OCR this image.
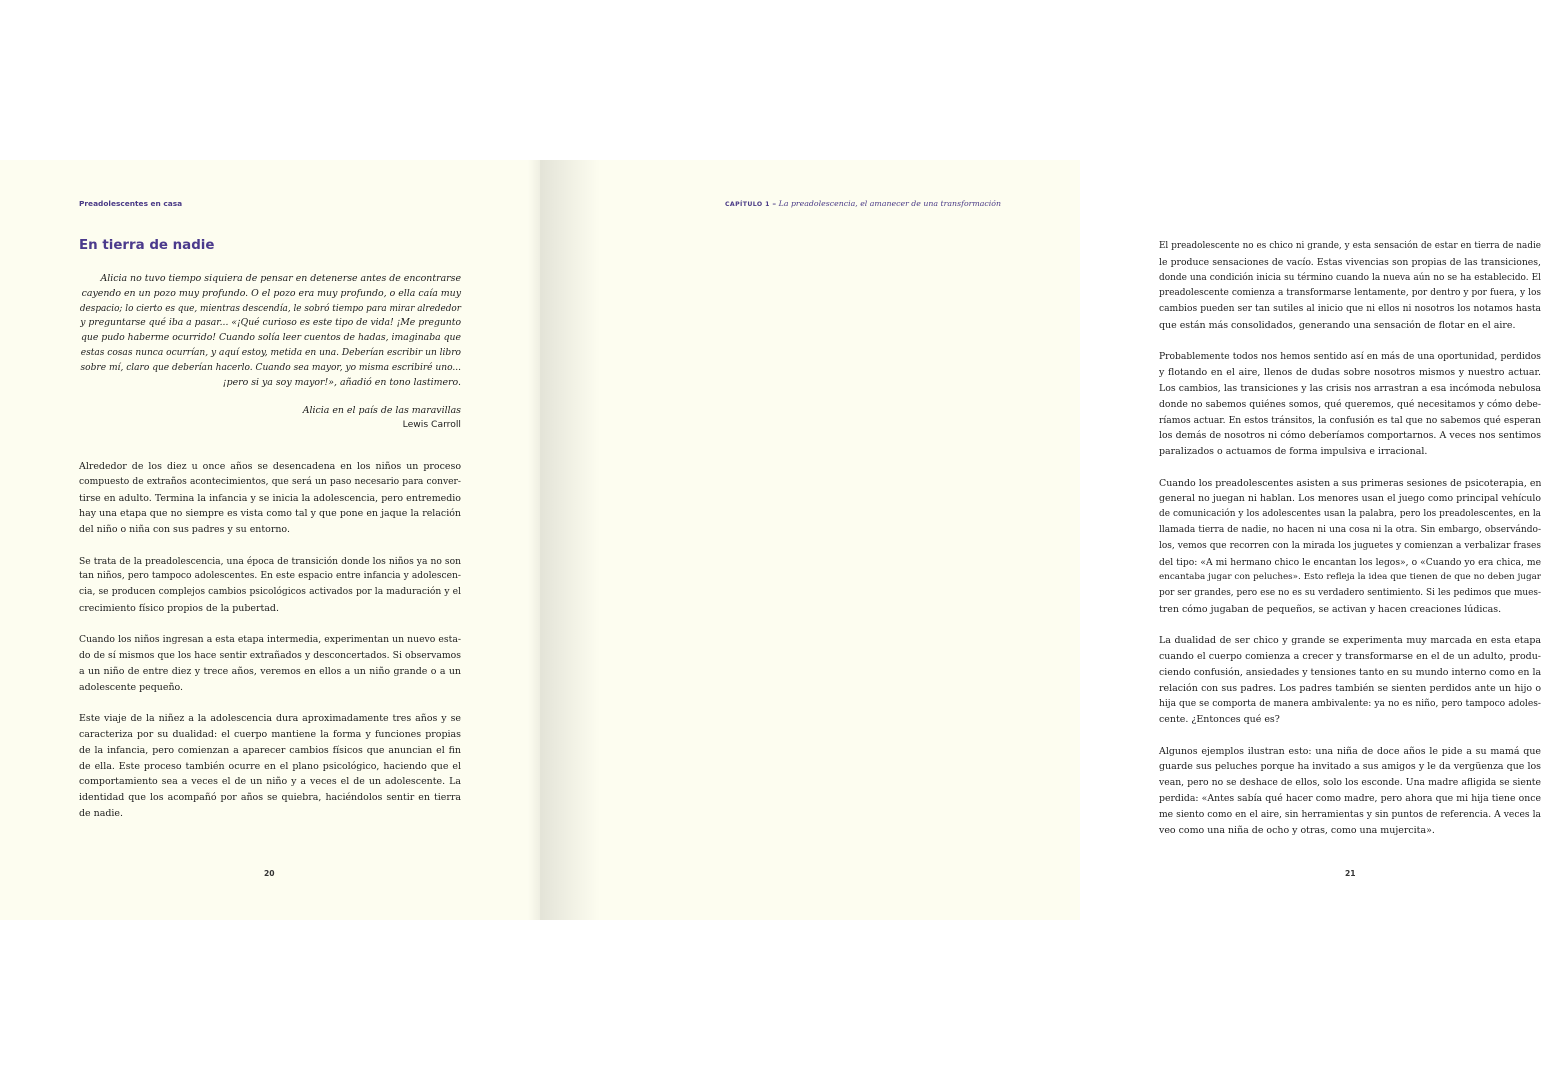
Preadolescentes en casa
En tierra de nadie
Alicia no tuvo tiempo siquiera de pensar en detenerse antes de encontrarse
cayendo en un pozo muy profundo. O el pozo era muy profundo, o ella caía muy
despacio; lo cierto es que, mientras descendía, le sobró tiempo para mirar alrededor
y preguntarse qué iba a pasar... «¡Qué curioso es este tipo de vida! ¡Me pregunto
que pudo haberme ocurrido! Cuando solía leer cuentos de hadas, imaginaba que
estas cosas nunca ocurrían, y aquí estoy, metida en una. Deberían escribir un libro
sobre mí, claro que deberían hacerlo. Cuando sea mayor, yo misma escribiré uno...
¡pero si ya soy mayor!», añadió en tono lastimero.
Alicia en el país de las maravillas
Lewis Carroll
Alrededor de los diez u once años se desencadena en los niños un proceso
compuesto de extraños acontecimientos, que será un paso necesario para conver-
tirse en adulto. Termina la infancia y se inicia la adolescencia, pero entremedio
hay una etapa que no siempre es vista como tal y que pone en jaque la relación
del niño o niña con sus padres y su entorno.
Se trata de la preadolescencia, una época de transición donde los niños ya no son
tan niños, pero tampoco adolescentes. En este espacio entre infancia y adolescen-
cia, se producen complejos cambios psicológicos activados por la maduración y el
crecimiento físico propios de la pubertad.
Cuando los niños ingresan a esta etapa intermedia, experimentan un nuevo esta-
do de sí mismos que los hace sentir extrañados y desconcertados. Si observamos
a un niño de entre diez y trece años, veremos en ellos a un niño grande o a un
adolescente pequeño.
Este viaje de la niñez a la adolescencia dura aproximadamente tres años y se
caracteriza por su dualidad: el cuerpo mantiene la forma y funciones propias
de la infancia, pero comienzan a aparecer cambios físicos que anuncian el fin
de ella. Este proceso también ocurre en el plano psicológico, haciendo que el
comportamiento sea a veces el de un niño y a veces el de un adolescente. La
identidad que los acompañó por años se quiebra, haciéndolos sentir en tierra
de nadie.
20
CAPÍTULO 1 – La preadolescencia, el amanecer de una transformación
El preadolescente no es chico ni grande, y esta sensación de estar en tierra de nadie
le produce sensaciones de vacío. Estas vivencias son propias de las transiciones,
donde una condición inicia su término cuando la nueva aún no se ha establecido. El
preadolescente comienza a transformarse lentamente, por dentro y por fuera, y los
cambios pueden ser tan sutiles al inicio que ni ellos ni nosotros los notamos hasta
que están más consolidados, generando una sensación de flotar en el aire.
Probablemente todos nos hemos sentido así en más de una oportunidad, perdidos
y flotando en el aire, llenos de dudas sobre nosotros mismos y nuestro actuar.
Los cambios, las transiciones y las crisis nos arrastran a esa incómoda nebulosa
donde no sabemos quiénes somos, qué queremos, qué necesitamos y cómo debe-
ríamos actuar. En estos tránsitos, la confusión es tal que no sabemos qué esperan
los demás de nosotros ni cómo deberíamos comportarnos. A veces nos sentimos
paralizados o actuamos de forma impulsiva e irracional.
Cuando los preadolescentes asisten a sus primeras sesiones de psicoterapia, en
general no juegan ni hablan. Los menores usan el juego como principal vehículo
de comunicación y los adolescentes usan la palabra, pero los preadolescentes, en la
llamada tierra de nadie, no hacen ni una cosa ni la otra. Sin embargo, observándo-
los, vemos que recorren con la mirada los juguetes y comienzan a verbalizar frases
del tipo: «A mi hermano chico le encantan los legos», o «Cuando yo era chica, me
encantaba jugar con peluches». Esto refleja la idea que tienen de que no deben jugar
por ser grandes, pero ese no es su verdadero sentimiento. Si les pedimos que mues-
tren cómo jugaban de pequeños, se activan y hacen creaciones lúdicas.
La dualidad de ser chico y grande se experimenta muy marcada en esta etapa
cuando el cuerpo comienza a crecer y transformarse en el de un adulto, produ-
ciendo confusión, ansiedades y tensiones tanto en su mundo interno como en la
relación con sus padres. Los padres también se sienten perdidos ante un hijo o
hija que se comporta de manera ambivalente: ya no es niño, pero tampoco adoles-
cente. ¿Entonces qué es?
Algunos ejemplos ilustran esto: una niña de doce años le pide a su mamá que
guarde sus peluches porque ha invitado a sus amigos y le da vergüenza que los
vean, pero no se deshace de ellos, solo los esconde. Una madre afligida se siente
perdida: «Antes sabía qué hacer como madre, pero ahora que mi hija tiene once
me siento como en el aire, sin herramientas y sin puntos de referencia. A veces la
veo como una niña de ocho y otras, como una mujercita».
21
